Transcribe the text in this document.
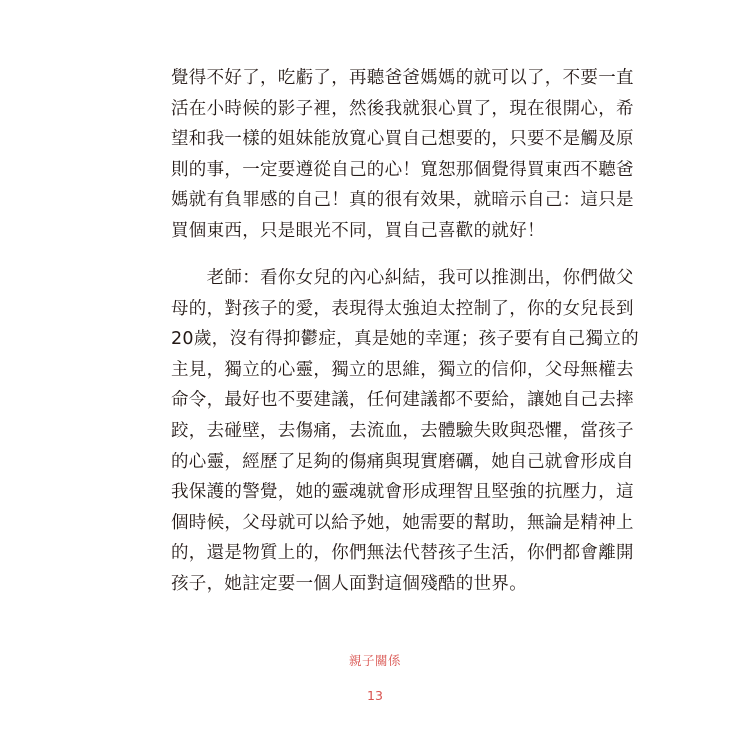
覺得不好了，吃虧了，再聽爸爸媽媽的就可以了，不要一直
活在小時候的影子裡，然後我就狠心買了，現在很開心，希
望和我一樣的姐妹能放寬心買自己想要的，只要不是觸及原
則的事，一定要遵從自己的心！寬恕那個覺得買東西不聽爸
媽就有負罪感的自己！真的很有效果，就暗示自己：這只是
買個東西，只是眼光不同，買自己喜歡的就好！
　　老師：看你女兒的內心糾結，我可以推測出，你們做父
母的，對孩子的愛，表現得太強迫太控制了，你的女兒長到
20歲，沒有得抑鬱症，真是她的幸運；孩子要有自己獨立的
主見，獨立的心靈，獨立的思維，獨立的信仰，父母無權去
命令，最好也不要建議，任何建議都不要給，讓她自己去摔
跤，去碰壁，去傷痛，去流血，去體驗失敗與恐懼，當孩子
的心靈，經歷了足夠的傷痛與現實磨礪，她自己就會形成自
我保護的警覺，她的靈魂就會形成理智且堅強的抗壓力，這
個時候，父母就可以給予她，她需要的幫助，無論是精神上
的，還是物質上的，你們無法代替孩子生活，你們都會離開
孩子，她註定要一個人面對這個殘酷的世界。
親子關係
13
